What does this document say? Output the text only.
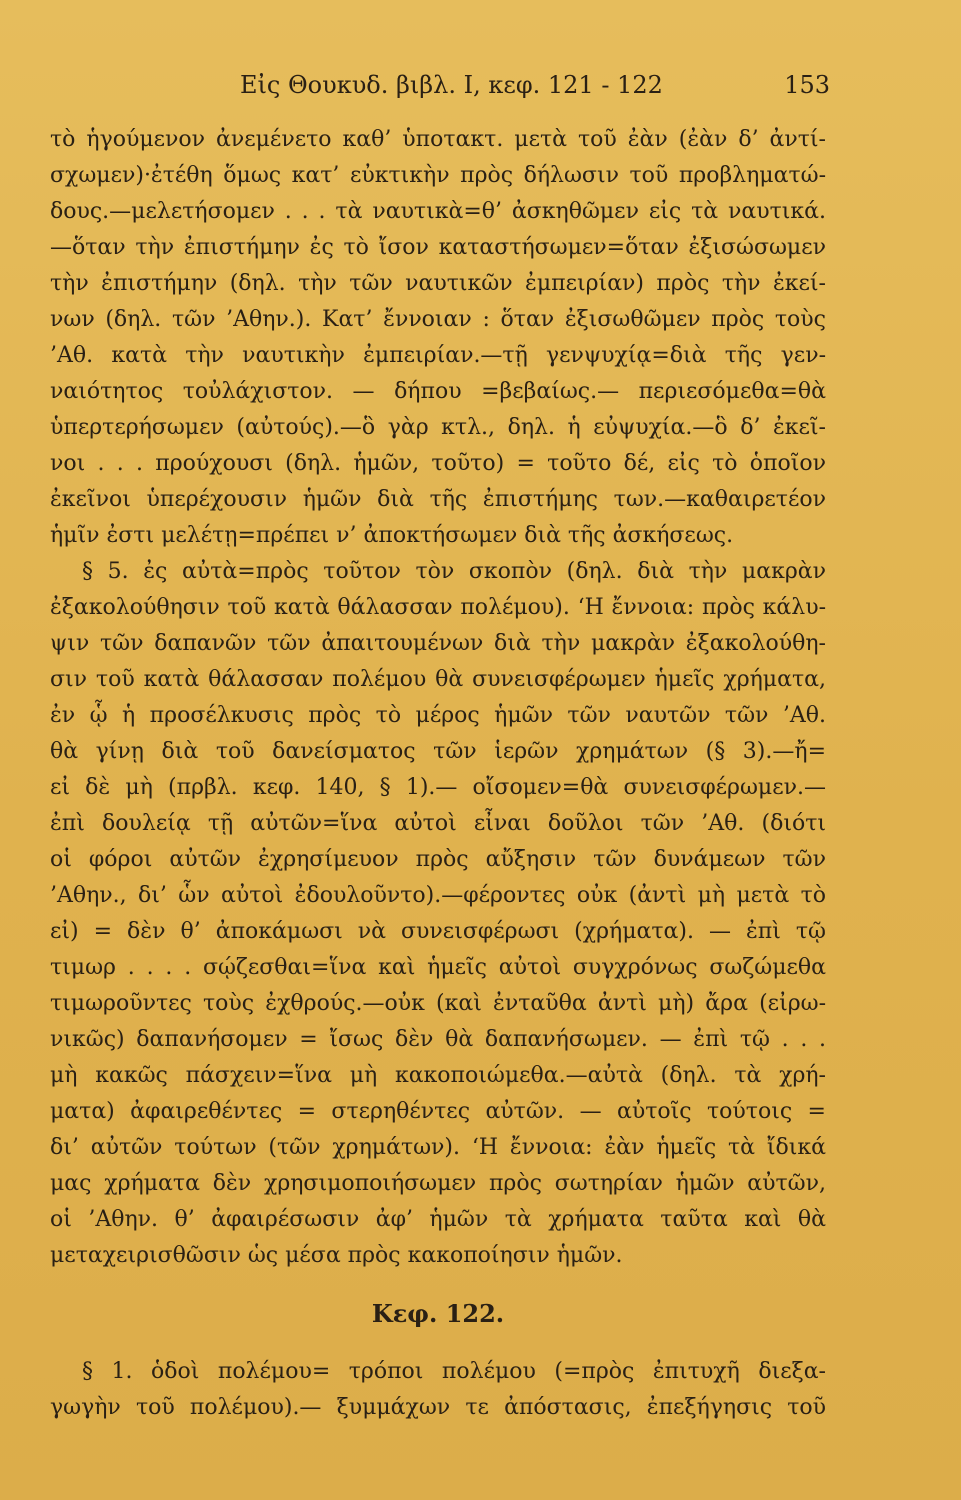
Εἰς Θουκυδ. βιβλ. Ι, κεφ. 121 - 122	153
τὸ ἡγούμενον ἀνεμένετο καθ’ ὑποτακτ. μετὰ τοῦ ἐὰν (ἐὰν δ’ ἀντί-
σχωμεν)·ἐτέθη ὅμως κατ’ εὐκτικὴν πρὸς δήλωσιν τοῦ προβληματώ-
δους.—μελετήσομεν . . . τὰ ναυτικὰ=θ’ ἀσκηθῶμεν εἰς τὰ ναυτικά.
—ὅταν τὴν ἐπιστήμην ἐς τὸ ἴσον καταστήσωμεν=ὅταν ἐξισώσωμεν
τὴν ἐπιστήμην (δηλ. τὴν τῶν ναυτικῶν ἐμπειρίαν) πρὸς τὴν ἐκεί-
νων (δηλ. τῶν ’Αθην.). Κατ’ ἔννοιαν : ὅταν ἐξισωθῶμεν πρὸς τοὺς
’Αθ. κατὰ τὴν ναυτικὴν ἐμπειρίαν.—τῇ γενψυχίᾳ=διὰ τῆς γεν-
ναιότητος τοὐλάχιστον. — δήπου =βεβαίως.— περιεσόμεθα=θὰ
ὑπερτερήσωμεν (αὐτούς).—ὃ γὰρ κτλ., δηλ. ἡ εὐψυχία.—ὃ δ’ ἐκεῖ-
νοι . . . προύχουσι (δηλ. ἡμῶν, τοῦτο) = τοῦτο δέ, εἰς τὸ ὁποῖον
ἐκεῖνοι ὑπερέχουσιν ἡμῶν διὰ τῆς ἐπιστήμης των.—καθαιρετέον
ἡμῖν ἐστι μελέτῃ=πρέπει ν’ ἀποκτήσωμεν διὰ τῆς ἀσκήσεως.
§ 5. ἐς αὐτὰ=πρὸς τοῦτον τὸν σκοπὸν (δηλ. διὰ τὴν μακρὰν
ἐξακολούθησιν τοῦ κατὰ θάλασσαν πολέμου). ‘Η ἔννοια: πρὸς κάλυ-
ψιν τῶν δαπανῶν τῶν ἀπαιτουμένων διὰ τὴν μακρὰν ἐξακολούθη-
σιν τοῦ κατὰ θάλασσαν πολέμου θὰ συνεισφέρωμεν ἡμεῖς χρήματα,
ἐν ᾧ ἡ προσέλκυσις πρὸς τὸ μέρος ἡμῶν τῶν ναυτῶν τῶν ’Αθ.
θὰ γίνῃ διὰ τοῦ δανείσματος τῶν ἱερῶν χρημάτων (§ 3).—ἤ=
εἰ δὲ μὴ (πρβλ. κεφ. 140, § 1).— οἴσομεν=θὰ συνεισφέρωμεν.—
ἐπὶ δουλείᾳ τῇ αὐτῶν=ἵνα αὐτοὶ εἶναι δοῦλοι τῶν ’Αθ. (διότι
οἱ φόροι αὐτῶν ἐχρησίμευον πρὸς αὔξησιν τῶν δυνάμεων τῶν
’Αθην., δι’ ὧν αὐτοὶ ἐδουλοῦντο).—φέροντες οὐκ (ἀντὶ μὴ μετὰ τὸ
εἰ) = δὲν θ’ ἀποκάμωσι νὰ συνεισφέρωσι (χρήματα). — ἐπὶ τῷ
τιμωρ . . . . σῴζεσθαι=ἵνα καὶ ἡμεῖς αὐτοὶ συγχρόνως σωζώμεθα
τιμωροῦντες τοὺς ἐχθρούς.—οὐκ (καὶ ἐνταῦθα ἀντὶ μὴ) ἄρα (εἰρω-
νικῶς) δαπανήσομεν = ἴσως δὲν θὰ δαπανήσωμεν. — ἐπὶ τῷ . . .
μὴ κακῶς πάσχειν=ἵνα μὴ κακοποιώμεθα.—αὐτὰ (δηλ. τὰ χρή-
ματα) ἀφαιρεθέντες = στερηθέντες αὐτῶν. — αὐτοῖς τούτοις =
δι’ αὐτῶν τούτων (τῶν χρημάτων). ‘Η ἔννοια: ἐὰν ἡμεῖς τὰ ἴδικά
μας χρήματα δὲν χρησιμοποιήσωμεν πρὸς σωτηρίαν ἡμῶν αὐτῶν,
οἱ ’Αθην. θ’ ἀφαιρέσωσιν ἀφ’ ἡμῶν τὰ χρήματα ταῦτα καὶ θὰ
μεταχειρισθῶσιν ὡς μέσα πρὸς κακοποίησιν ἡμῶν.
Κεφ. 122.
§ 1. ὁδοὶ πολέμου= τρόποι πολέμου (=πρὸς ἐπιτυχῆ διεξα-
γωγὴν τοῦ πολέμου).— ξυμμάχων τε ἀπόστασις, ἐπεξήγησις τοῦ
